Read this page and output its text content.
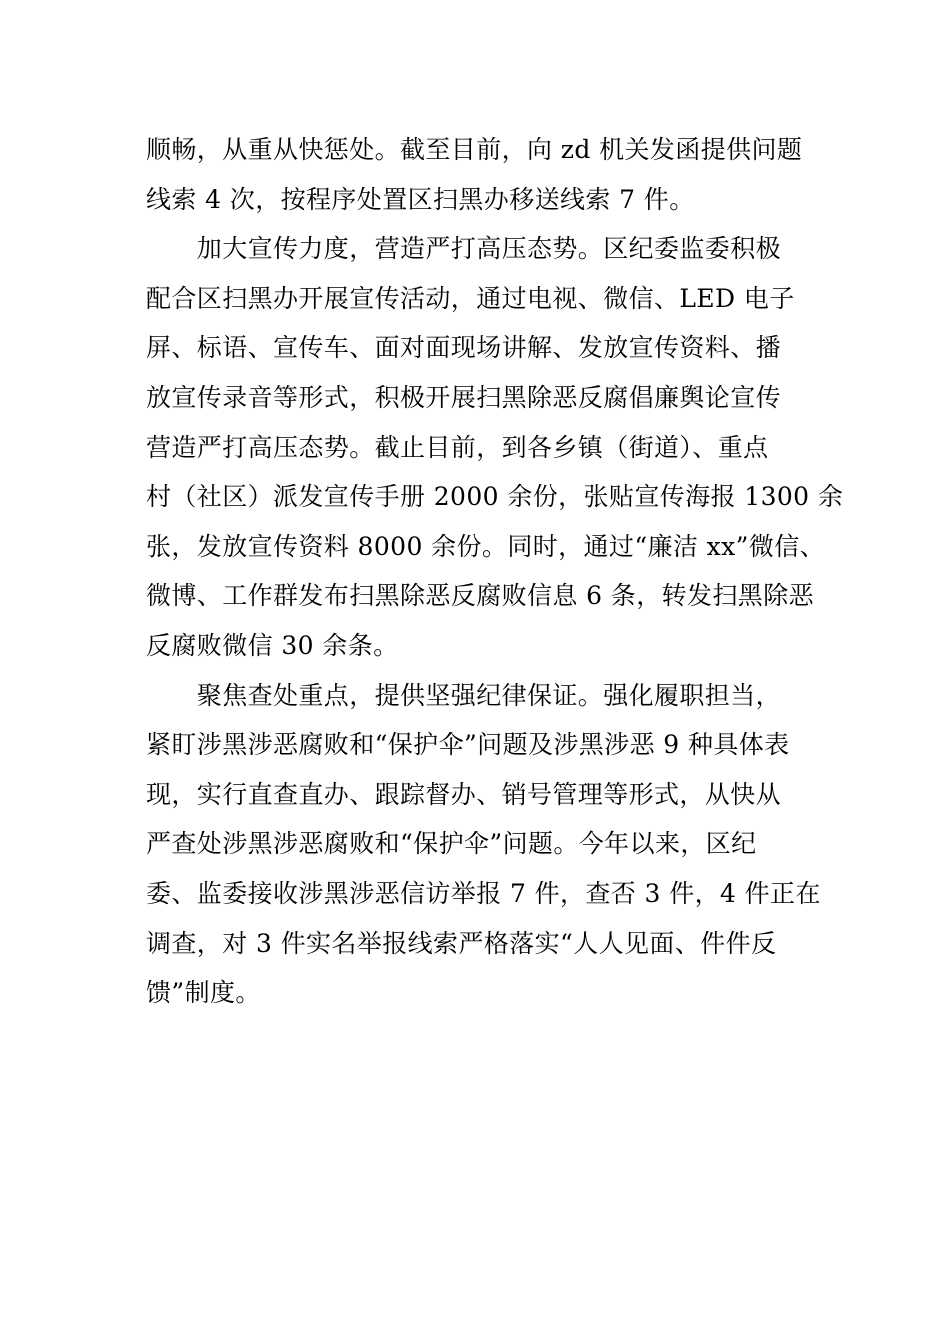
顺畅，从重从快惩处。截至目前，向 zd 机关发函提供问题
线索 4 次，按程序处置区扫黑办移送线索 7 件。
　　加大宣传力度，营造严打高压态势。区纪委监委积极
配合区扫黑办开展宣传活动，通过电视、微信、LED 电子
屏、标语、宣传车、面对面现场讲解、发放宣传资料、播
放宣传录音等形式，积极开展扫黑除恶反腐倡廉舆论宣传
营造严打高压态势。截止目前，到各乡镇（街道）、重点
村（社区）派发宣传手册 2000 余份，张贴宣传海报 1300 余
张，发放宣传资料 8000 余份。同时，通过“廉洁 xx”微信、
微博、工作群发布扫黑除恶反腐败信息 6 条，转发扫黑除恶
反腐败微信 30 余条。
　　聚焦查处重点，提供坚强纪律保证。强化履职担当，
紧盯涉黑涉恶腐败和“保护伞”问题及涉黑涉恶 9 种具体表
现，实行直查直办、跟踪督办、销号管理等形式，从快从
严查处涉黑涉恶腐败和“保护伞”问题。今年以来，区纪
委、监委接收涉黑涉恶信访举报 7 件，查否 3 件，4 件正在
调查，对 3 件实名举报线索严格落实“人人见面、件件反
馈”制度。
